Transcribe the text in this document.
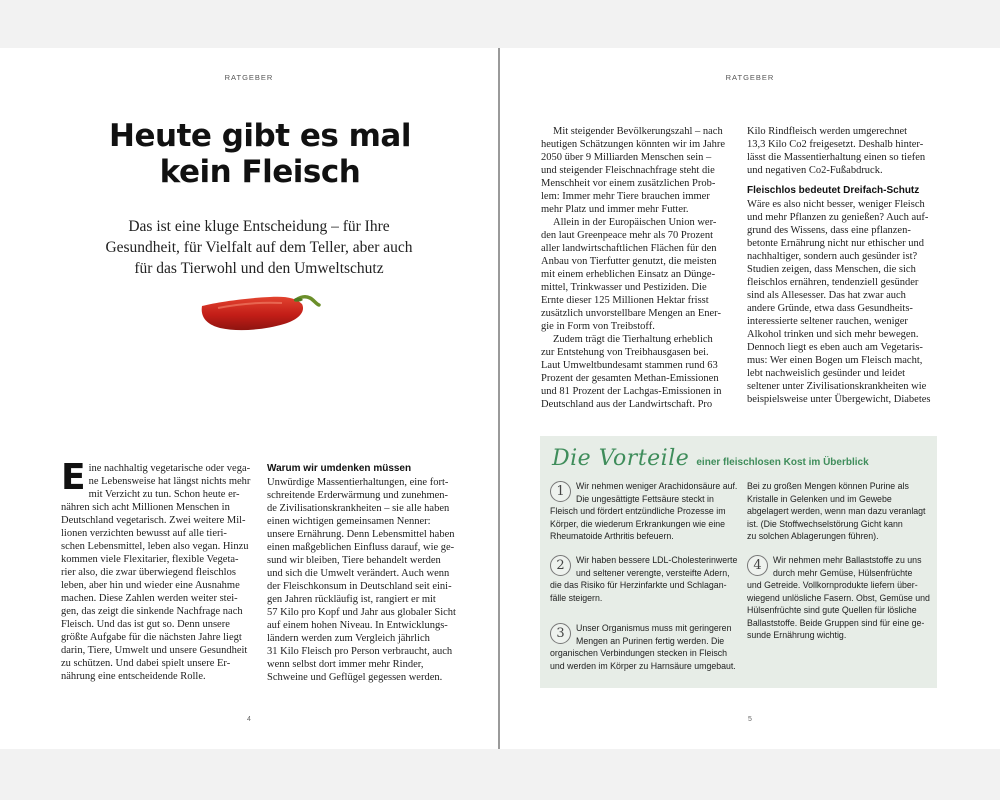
RATGEBER
Heute gibt es mal
kein Fleisch
Das ist eine kluge Entscheidung – für Ihre
Gesundheit, für Vielfalt auf dem Teller, aber auch
für das Tierwohl und den Umweltschutz
E ine nachhaltig vegetarische oder vega-
ne Lebensweise hat längst nichts mehr
mit Verzicht zu tun. Schon heute er-
nähren sich acht Millionen Menschen in
Deutschland vegetarisch. Zwei weitere Mil-
lionen verzichten bewusst auf alle tieri-
schen Lebensmittel, leben also vegan. Hinzu
kommen viele Flexitarier, flexible Vegeta-
rier also, die zwar überwiegend fleischlos
leben, aber hin und wieder eine Ausnahme
machen. Diese Zahlen werden weiter stei-
gen, das zeigt die sinkende Nachfrage nach
Fleisch. Und das ist gut so. Denn unsere
größte Aufgabe für die nächsten Jahre liegt
darin, Tiere, Umwelt und unsere Gesundheit
zu schützen. Und dabei spielt unsere Er-
nährung eine entscheidende Rolle.
Warum wir umdenken müssen
Unwürdige Massentierhaltungen, eine fort-
schreitende Erderwärmung und zunehmen-
de Zivilisationskrankheiten – sie alle haben
einen wichtigen gemeinsamen Nenner:
unsere Ernährung. Denn Lebensmittel haben
einen maßgeblichen Einfluss darauf, wie ge-
sund wir bleiben, Tiere behandelt werden
und sich die Umwelt verändert. Auch wenn
der Fleischkonsum in Deutschland seit eini-
gen Jahren rückläufig ist, rangiert er mit
57 Kilo pro Kopf und Jahr aus globaler Sicht
auf einem hohen Niveau. In Entwicklungs-
ländern werden zum Vergleich jährlich
31 Kilo Fleisch pro Person verbraucht, auch
wenn selbst dort immer mehr Rinder,
Schweine und Geflügel gegessen werden.
4
RATGEBER
Mit steigender Bevölkerungszahl – nach
heutigen Schätzungen könnten wir im Jahre
2050 über 9 Milliarden Menschen sein –
und steigender Fleischnachfrage steht die
Menschheit vor einem zusätzlichen Prob-
lem: Immer mehr Tiere brauchen immer
mehr Platz und immer mehr Futter.
Allein in der Europäischen Union wer-
den laut Greenpeace mehr als 70 Prozent
aller landwirtschaftlichen Flächen für den
Anbau von Tierfutter genutzt, die meisten
mit einem erheblichen Einsatz an Dünge-
mittel, Trinkwasser und Pestiziden. Die
Ernte dieser 125 Millionen Hektar frisst
zusätzlich unvorstellbare Mengen an Ener-
gie in Form von Treibstoff.
Zudem trägt die Tierhaltung erheblich
zur Entstehung von Treibhausgasen bei.
Laut Umweltbundesamt stammen rund 63
Prozent der gesamten Methan-Emissionen
und 81 Prozent der Lachgas-Emissionen in
Deutschland aus der Landwirtschaft. Pro
Kilo Rindfleisch werden umgerechnet
13,3 Kilo Co2 freigesetzt. Deshalb hinter-
lässt die Massentierhaltung einen so tiefen
und negativen Co2-Fußabdruck.
Fleischlos bedeutet Dreifach-Schutz
Wäre es also nicht besser, weniger Fleisch
und mehr Pflanzen zu genießen? Auch auf-
grund des Wissens, dass eine pflanzen-
betonte Ernährung nicht nur ethischer und
nachhaltiger, sondern auch gesünder ist?
Studien zeigen, dass Menschen, die sich
fleischlos ernähren, tendenziell gesünder
sind als Allesesser. Das hat zwar auch
andere Gründe, etwa dass Gesundheits-
interessierte seltener rauchen, weniger
Alkohol trinken und sich mehr bewegen.
Dennoch liegt es eben auch am Vegetaris-
mus: Wer einen Bogen um Fleisch macht,
lebt nachweislich gesünder und leidet
seltener unter Zivilisationskrankheiten wie
beispielsweise unter Übergewicht, Diabetes
Die Vorteile einer fleischlosen Kost im Überblick
1	Wir nehmen weniger Arachidonsäure auf.
Die ungesättigte Fettsäure steckt in
Fleisch und fördert entzündliche Prozesse im
Körper, die wiederum Erkrankungen wie eine
Rheumatoide Arthritis befeuern.
2	Wir haben bessere LDL-Cholesterinwerte
und seltener verengte, versteifte Adern,
die das Risiko für Herzinfarkte und Schlagan-
fälle steigern.
3	Unser Organismus muss mit geringeren
Mengen an Purinen fertig werden. Die
organischen Verbindungen stecken in Fleisch
und werden im Körper zu Harnsäure umgebaut.
4	Wir nehmen mehr Ballaststoffe zu uns
durch mehr Gemüse, Hülsenfrüchte
und Getreide. Vollkornprodukte liefern über-
wiegend unlösliche Fasern. Obst, Gemüse und
Hülsenfrüchte sind gute Quellen für lösliche
Ballaststoffe. Beide Gruppen sind für eine ge-
sunde Ernährung wichtig.
Bei zu großen Mengen können Purine als
Kristalle in Gelenken und im Gewebe
abgelagert werden, wenn man dazu veranlagt
ist. (Die Stoffwechselstörung Gicht kann
zu solchen Ablagerungen führen).
5
